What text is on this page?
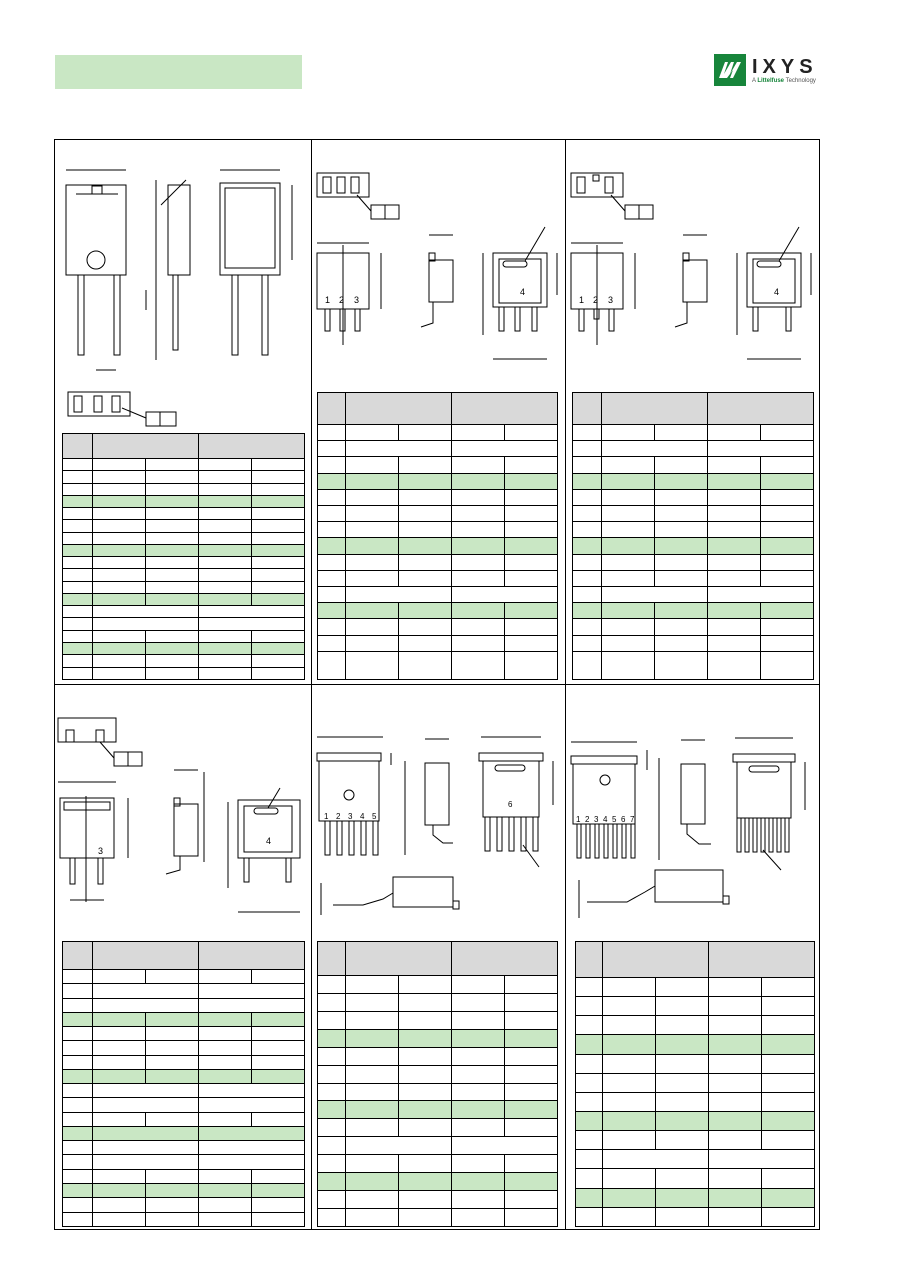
IXYS
A Littelfuse Technology

1 2 3
4

1 2 3
4

3
4

1 2 3 4 5
6

1 2 3 4 5 6 7
